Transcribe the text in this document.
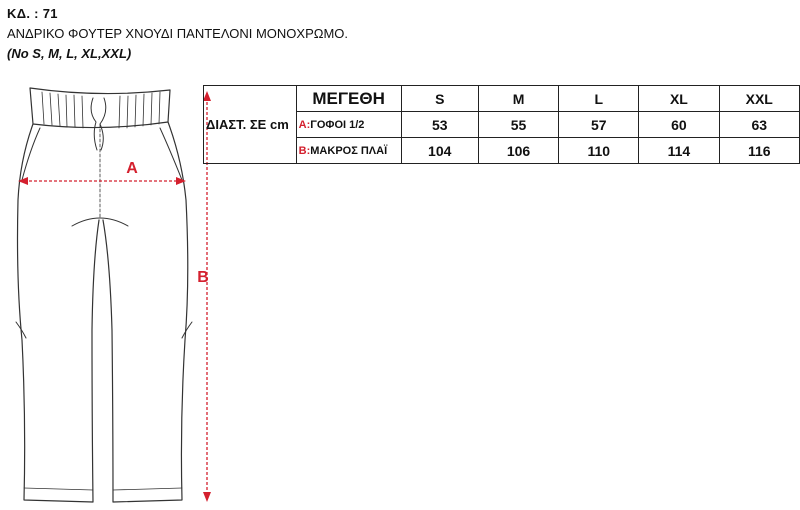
ΚΔ. : 71
ΑΝΔΡΙΚΟ ΦΟΥΤΕΡ ΧΝΟΥΔΙ ΠΑΝΤΕΛΟΝΙ ΜΟΝΟΧΡΩΜΟ.
(No S, M, L, XL,XXL)
A
B
ΔΙΑΣΤ. ΣΕ cm	ΜΕΓΕΘΗ	S	M	L	XL	XXL
	A:ΓΟΦΟΙ 1/2	53	55	57	60	63
	B:ΜΑΚΡΟΣ ΠΛΑΪ	104	106	110	114	116
